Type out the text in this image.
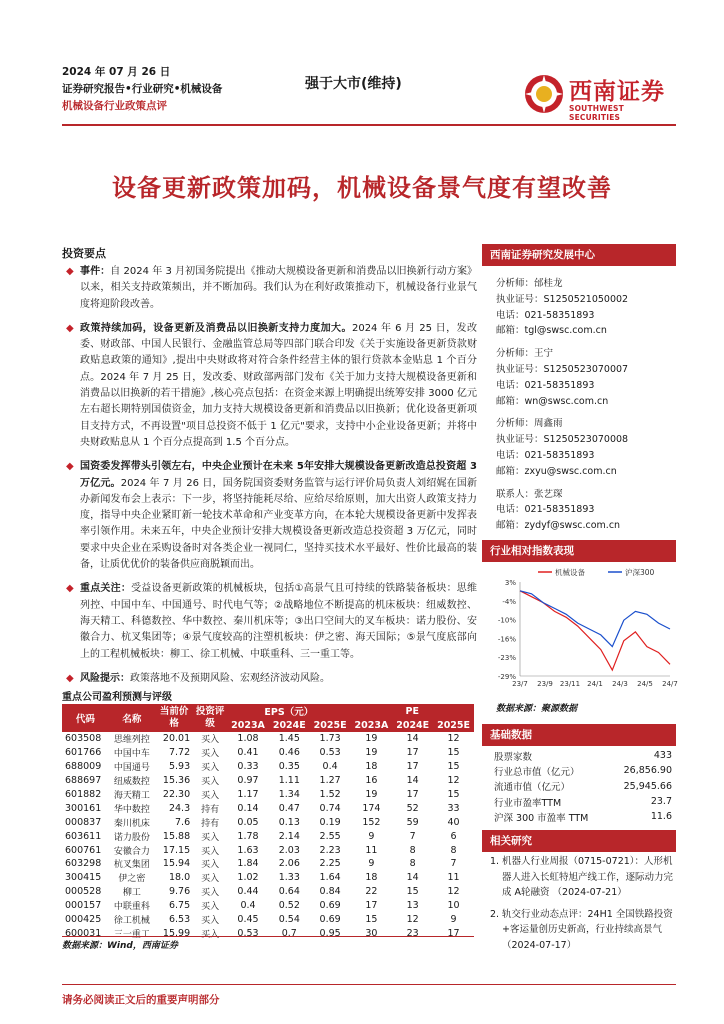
2024 年 07 月 26 日
证券研究报告•行业研究•机械设备
机械设备行业政策点评
强于大市(维持)	西南证券
SOUTHWEST SECURITIES
设备更新政策加码，机械设备景气度有望改善
投资要点
◆ 事件：自 2024 年 3 月初国务院提出《推动大规模设备更新和消费品以旧换新行动方案》以来，相关支持政策频出，并不断加码。我们认为在利好政策推动下，机械设备行业景气度将迎阶段改善。
◆ 政策持续加码，设备更新及消费品以旧换新支持力度加大。2024 年 6 月 25 日，发改委、财政部、中国人民银行、金融监管总局等四部门联合印发《关于实施设备更新贷款财政贴息政策的通知》,提出中央财政将对符合条件经营主体的银行贷款本金贴息 1 个百分点。2024 年 7 月 25 日，发改委、财政部两部门发布《关于加力支持大规模设备更新和消费品以旧换新的若干措施》,核心亮点包括：在资金来源上明确提出统筹安排 3000 亿元左右超长期特别国债资金，加力支持大规模设备更新和消费品以旧换新；优化设备更新项目支持方式，不再设置"项目总投资不低于 1 亿元"要求，支持中小企业设备更新；并将中央财政贴息从 1 个百分点提高到 1.5 个百分点。
◆ 国资委发挥带头引领左右，中央企业预计在未来 5年安排大规模设备更新改造总投资超 3万亿元。2024 年 7 月 26 日，国务院国资委财务监管与运行评价局负责人刘绍娓在国新办新闻发布会上表示：下一步，将坚持能耗尽给、应给尽给原则，加大出资人政策支持力度，指导中央企业紧盯新一轮技术革命和产业变革方向，在本轮大规模设备更新中发挥表率引领作用。未来五年，中央企业预计安排大规模设备更新改造总投资超 3 万亿元，同时要求中央企业在采购设备时对各类企业一视同仁，坚持买技术水平最好、性价比最高的装备，让质优优价的装备供应商脱颖而出。
◆ 重点关注：受益设备更新政策的机械板块，包括①高景气且可持续的铁路装备板块：思维列控、中国中车、中国通号、时代电气等；②战略地位不断提高的机床板块：纽威数控、海天精工、科德数控、华中数控、秦川机床等；③出口空间大的叉车板块：诺力股份、安徽合力、杭叉集团等；④景气度较高的注塑机板块：伊之密、海天国际；⑤景气度底部向上的工程机械板块：柳工、徐工机械、中联重科、三一重工等。
◆ 风险提示：政策落地不及预期风险、宏观经济波动风险。
重点公司盈利预测与评级
代码	名称	当前价格	投资评级	EPS（元）			PE		
				2023A	2024E	2025E	2023A	2024E	2025E
603508	思维列控	20.01	买入	1.08	1.45	1.73	19	14	12
601766	中国中车	7.72	买入	0.41	0.46	0.53	19	17	15
688009	中国通号	5.93	买入	0.33	0.35	0.4	18	17	15
688697	纽威数控	15.36	买入	0.97	1.11	1.27	16	14	12
601882	海天精工	22.30	买入	1.17	1.34	1.52	19	17	15
300161	华中数控	24.3	持有	0.14	0.47	0.74	174	52	33
000837	秦川机床	7.6	持有	0.05	0.13	0.19	152	59	40
603611	诺力股份	15.88	买入	1.78	2.14	2.55	9	7	6
600761	安徽合力	17.15	买入	1.63	2.03	2.23	11	8	8
603298	杭叉集团	15.94	买入	1.84	2.06	2.25	9	8	7
300415	伊之密	18.0	买入	1.02	1.33	1.64	18	14	11
000528	柳工	9.76	买入	0.44	0.64	0.84	22	15	12
000157	中联重科	6.75	买入	0.4	0.52	0.69	17	13	10
000425	徐工机械	6.53	买入	0.45	0.54	0.69	15	12	9
600031	三一重工	15.99	买入	0.53	0.7	0.95	30	23	17
数据来源：Wind，西南证券
西南证券研究发展中心
分析师：邰桂龙
执业证号：S1250521050002
电话：021-58351893
邮箱：tgl@swsc.com.cn
分析师：王宁
执业证号：S1250523070007
电话：021-58351893
邮箱：wn@swsc.com.cn
分析师：周鑫雨
执业证号：S1250523070008
电话：021-58351893
邮箱：zxyu@swsc.com.cn
联系人：张艺琛
电话：021-58351893
邮箱：zydyf@swsc.com.cn
行业相对指数表现
3%
-4%
-10%
-16%
-23%
-29%
23/7 23/9 23/11 24/1 24/3 24/5 24/7
机械设备	沪深300
数据来源：聚源数据
基础数据
股票家数	433
行业总市值（亿元）	26,856.90
流通市值（亿元）	25,945.66
行业市盈率TTM	23.7
沪深 300 市盈率 TTM	11.6
相关研究
1. 机器人行业周报（0715-0721）：人形机器人进入长虹特旭产线工作，逐际动力完成 A轮融资 （2024-07-21）
2. 轨交行业动态点评：24H1 全国铁路投资+客运量创历史新高，行业持续高景气 （2024-07-17）
请务必阅读正文后的重要声明部分
